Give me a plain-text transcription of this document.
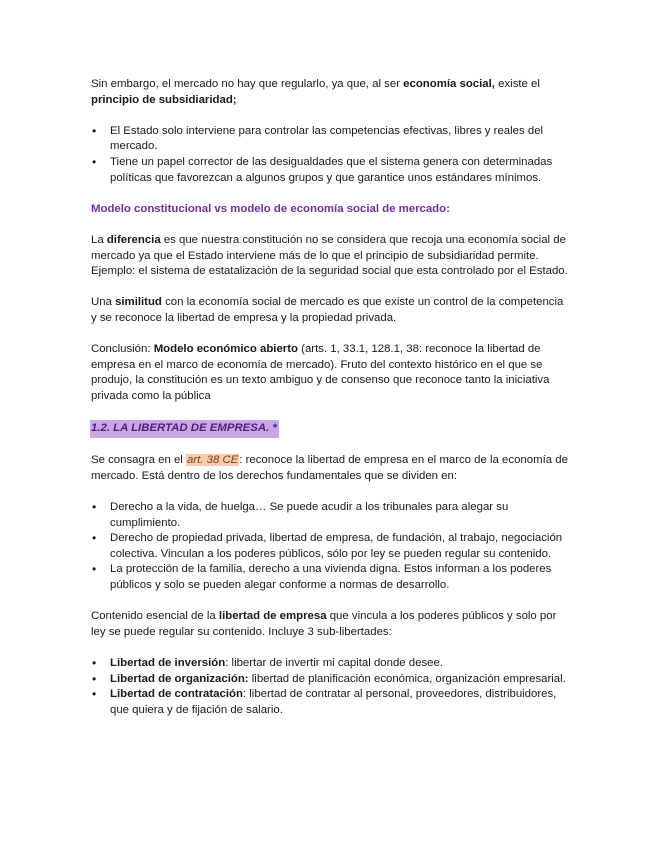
Sin embargo, el mercado no hay que regularlo, ya que, al ser economía social, existe el principio de subsidiaridad;

• El Estado solo interviene para controlar las competencias efectivas, libres y reales del mercado.
• Tiene un papel corrector de las desigualdades que el sistema genera con determinadas políticas que favorezcan a algunos grupos y que garantice unos estándares mínimos.

Modelo constitucional vs modelo de economía social de mercado:

La diferencia es que nuestra constitución no se considera que recoja una economía social de mercado ya que el Estado interviene más de lo que el principio de subsidiaridad permite. Ejemplo: el sistema de estatalización de la seguridad social que esta controlado por el Estado.

Una similitud con la economía social de mercado es que existe un control de la competencia y se reconoce la libertad de empresa y la propiedad privada.

Conclusión: Modelo económico abierto (arts. 1, 33.1, 128.1, 38: reconoce la libertad de empresa en el marco de economía de mercado). Fruto del contexto histórico en el que se produjo, la constitución es un texto ambiguo y de consenso que reconoce tanto la iniciativa privada como la pública

1.2. LA LIBERTAD DE EMPRESA. *

Se consagra en el art. 38 CE: reconoce la libertad de empresa en el marco de la economía de mercado. Está dentro de los derechos fundamentales que se dividen en:

• Derecho a la vida, de huelga… Se puede acudir a los tribunales para alegar su cumplimiento.
• Derecho de propiedad privada, libertad de empresa, de fundación, al trabajo, negociación colectiva. Vinculan a los poderes públicos, sólo por ley se pueden regular su contenido.
• La protección de la familia, derecho a una vivienda digna. Estos informan a los poderes públicos y solo se pueden alegar conforme a normas de desarrollo.

Contenido esencial de la libertad de empresa que vincula a los poderes públicos y solo por ley se puede regular su contenido. Incluye 3 sub-libertades:

• Libertad de inversión: libertar de invertir mi capital donde desee.
• Libertad de organización: libertad de planificación económica, organización empresarial.
• Libertad de contratación: libertad de contratar al personal, proveedores, distribuidores, que quiera y de fijación de salario.
